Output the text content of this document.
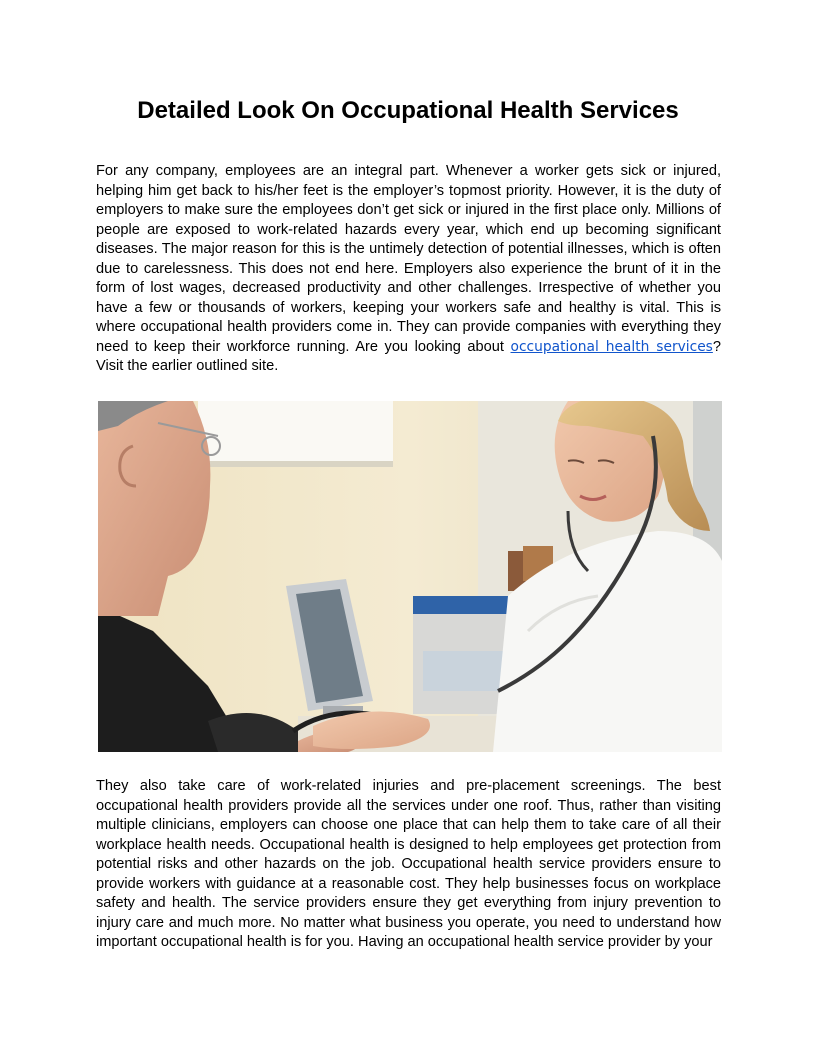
Detailed Look On Occupational Health Services

For any company, employees are an integral part. Whenever a worker gets sick or injured, helping him get back to his/her feet is the employer’s topmost priority. However, it is the duty of employers to make sure the employees don’t get sick or injured in the first place only. Millions of people are exposed to work-related hazards every year, which end up becoming significant diseases. The major reason for this is the untimely detection of potential illnesses, which is often due to carelessness. This does not end here. Employers also experience the brunt of it in the form of lost wages, decreased productivity and other challenges. Irrespective of whether you have a few or thousands of workers, keeping your workers safe and healthy is vital. This is where occupational health providers come in. They can provide companies with everything they need to keep their workforce running. Are you looking about occupational health services? Visit the earlier outlined site.

They also take care of work-related injuries and pre-placement screenings. The best occupational health providers provide all the services under one roof. Thus, rather than visiting multiple clinicians, employers can choose one place that can help them to take care of all their workplace health needs. Occupational health is designed to help employees get protection from potential risks and other hazards on the job. Occupational health service providers ensure to provide workers with guidance at a reasonable cost. They help businesses focus on workplace safety and health. The service providers ensure they get everything from injury prevention to injury care and much more. No matter what business you operate, you need to understand how important occupational health is for you. Having an occupational health service provider by your
